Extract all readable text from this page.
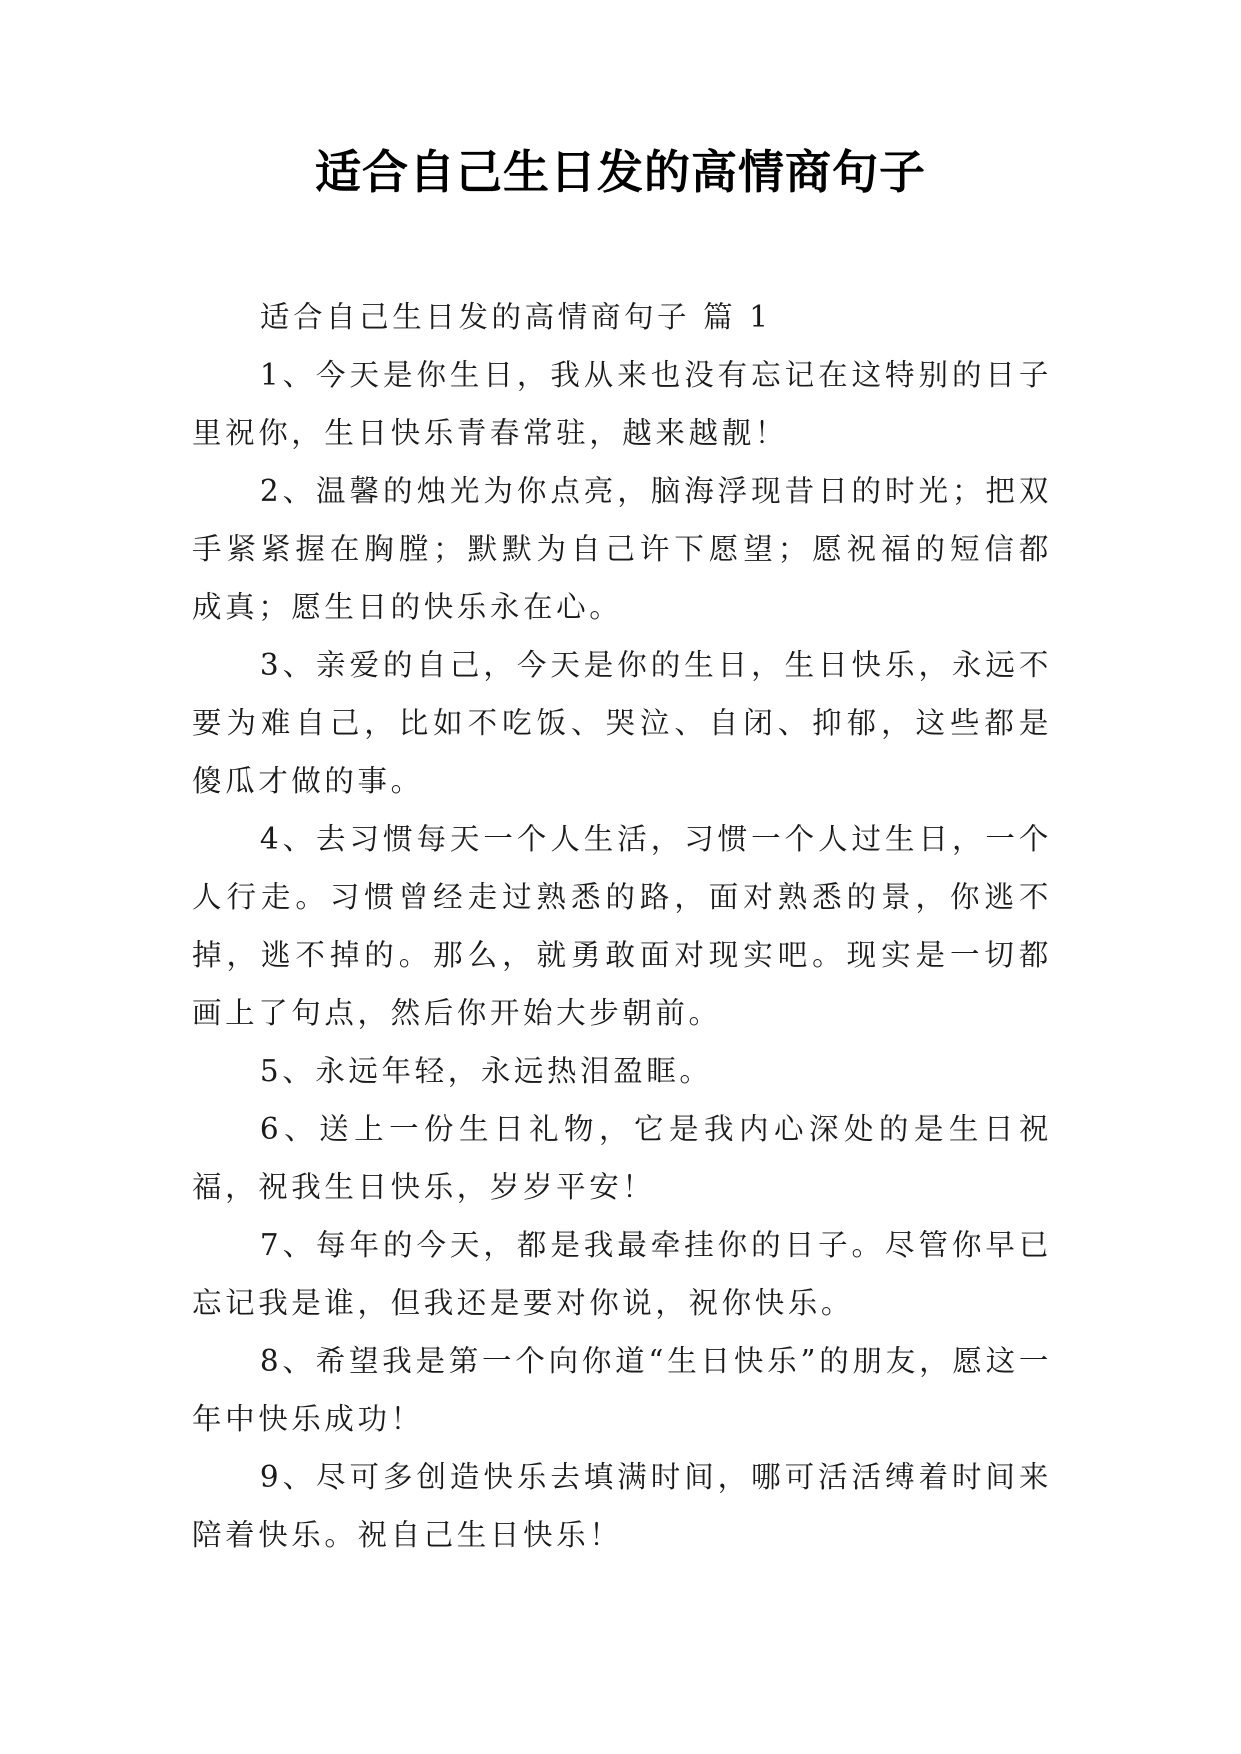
适合自己生日发的高情商句子

适合自己生日发的高情商句子 篇 1

1、今天是你生日，我从来也没有忘记在这特别的日子里祝你，生日快乐青春常驻，越来越靓！

2、温馨的烛光为你点亮，脑海浮现昔日的时光；把双手紧紧握在胸膛；默默为自己许下愿望；愿祝福的短信都成真；愿生日的快乐永在心。

3、亲爱的自己，今天是你的生日，生日快乐，永远不要为难自己，比如不吃饭、哭泣、自闭、抑郁，这些都是傻瓜才做的事。

4、去习惯每天一个人生活，习惯一个人过生日，一个人行走。习惯曾经走过熟悉的路，面对熟悉的景，你逃不掉，逃不掉的。那么，就勇敢面对现实吧。现实是一切都画上了句点，然后你开始大步朝前。

5、永远年轻，永远热泪盈眶。

6、送上一份生日礼物，它是我内心深处的是生日祝福，祝我生日快乐，岁岁平安！

7、每年的今天，都是我最牵挂你的日子。尽管你早已忘记我是谁，但我还是要对你说，祝你快乐。

8、希望我是第一个向你道“生日快乐”的朋友，愿这一年中快乐成功！

9、尽可多创造快乐去填满时间，哪可活活缚着时间来陪着快乐。祝自己生日快乐！
